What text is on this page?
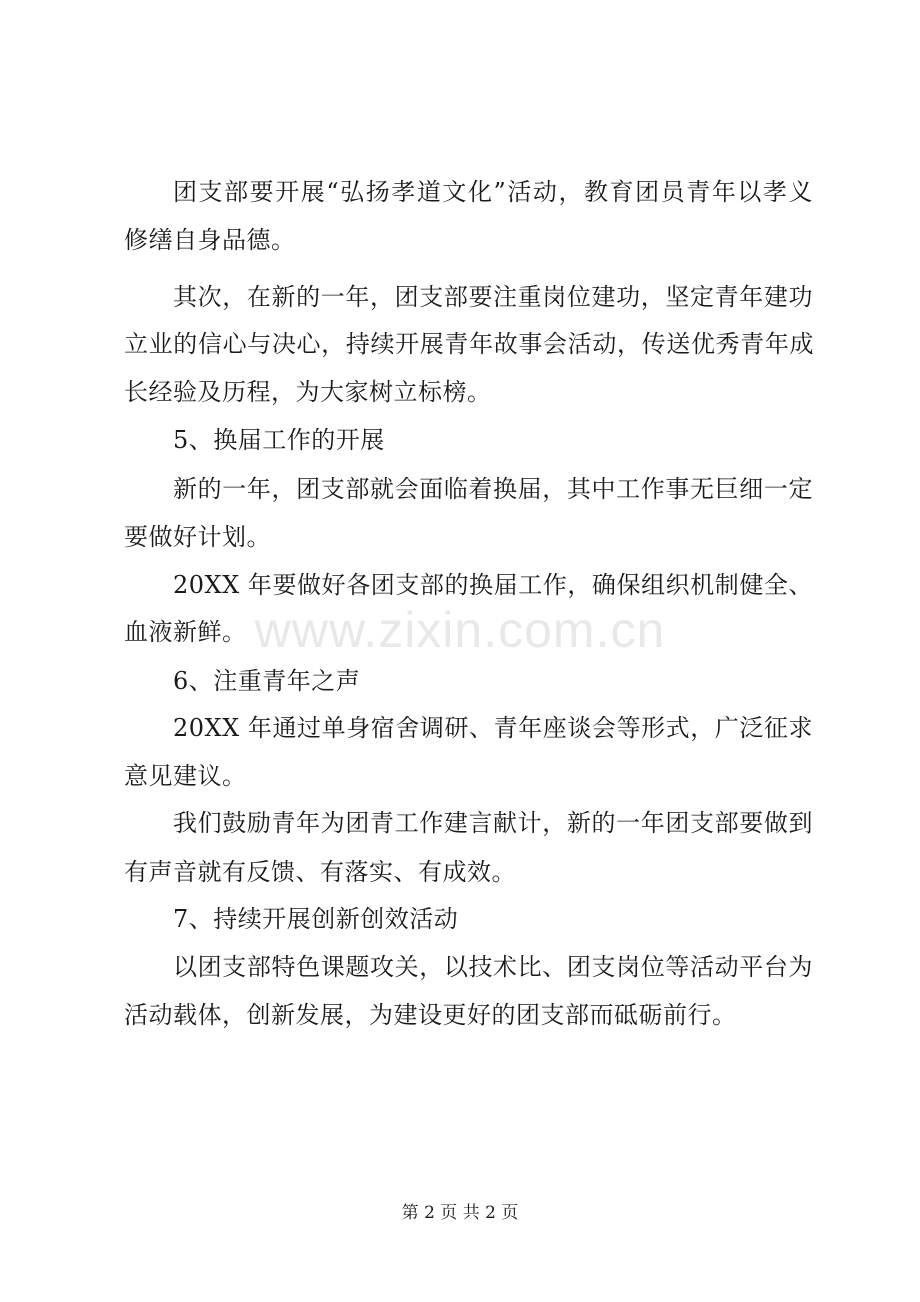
团支部要开展“弘扬孝道文化”活动，教育团员青年以孝义
修缮自身品德。
其次，在新的一年，团支部要注重岗位建功，坚定青年建功
立业的信心与决心，持续开展青年故事会活动，传送优秀青年成
长经验及历程，为大家树立标榜。
5、换届工作的开展
新的一年，团支部就会面临着换届，其中工作事无巨细一定
要做好计划。
20XX 年要做好各团支部的换届工作，确保组织机制健全、
血液新鲜。
6、注重青年之声
20XX 年通过单身宿舍调研、青年座谈会等形式，广泛征求
意见建议。
我们鼓励青年为团青工作建言献计，新的一年团支部要做到
有声音就有反馈、有落实、有成效。
7、持续开展创新创效活动
以团支部特色课题攻关，以技术比、团支岗位等活动平台为
活动载体，创新发展，为建设更好的团支部而砥砺前行。
www.zixin.com.cn
第 2 页 共 2 页
